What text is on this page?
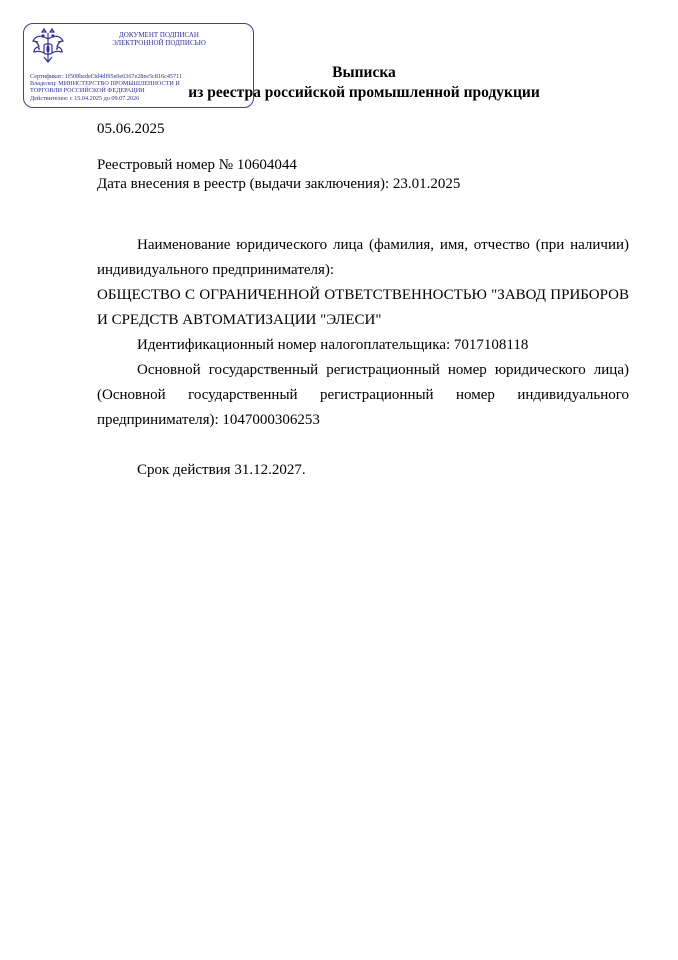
ДОКУМЕНТ ПОДПИСАН
ЭЛЕКТРОННОЙ ПОДПИСЬЮ
Сертификат: 1f508bedef3d4df95e0e6367e28ee5c816c45711
Владелец: МИНИСТЕРСТВО ПРОМЫШЛЕННОСТИ И
ТОРГОВЛИ РОССИЙСКОЙ ФЕДЕРАЦИИ
Действителен: с 15.04.2025 до 09.07.2026
Выписка
из реестра российской промышленной продукции
05.06.2025
Реестровый номер № 10604044
Дата внесения в реестр (выдачи заключения): 23.01.2025
Наименование юридического лица (фамилия, имя, отчество (при наличии) индивидуального предпринимателя):
ОБЩЕСТВО С ОГРАНИЧЕННОЙ ОТВЕТСТВЕННОСТЬЮ "ЗАВОД ПРИБОРОВ И СРЕДСТВ АВТОМАТИЗАЦИИ "ЭЛЕСИ"
Идентификационный номер налогоплательщика: 7017108118
Основной государственный регистрационный номер юридического лица) (Основной государственный регистрационный номер индивидуального предпринимателя): 1047000306253
Срок действия 31.12.2027.
